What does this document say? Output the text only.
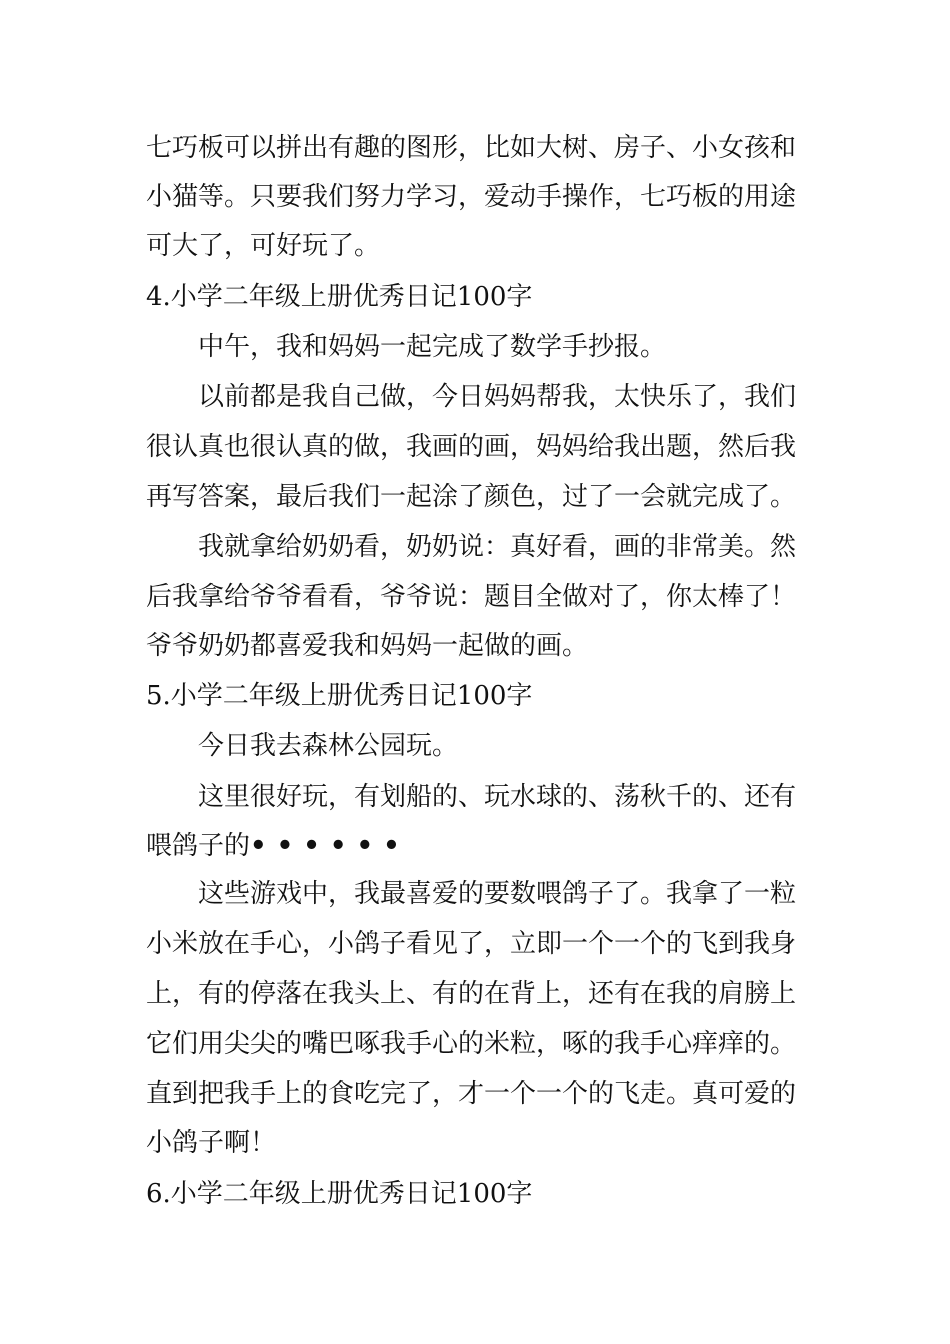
七巧板可以拼出有趣的图形，比如大树、房子、小女孩和
小猫等。只要我们努力学习，爱动手操作，七巧板的用途
可大了，可好玩了。
4.小学二年级上册优秀日记100字
中午，我和妈妈一起完成了数学手抄报。
以前都是我自己做，今日妈妈帮我，太快乐了，我们
很认真也很认真的做，我画的画，妈妈给我出题，然后我
再写答案，最后我们一起涂了颜色，过了一会就完成了。
我就拿给奶奶看，奶奶说：真好看，画的非常美。然
后我拿给爷爷看看，爷爷说：题目全做对了，你太棒了！
爷爷奶奶都喜爱我和妈妈一起做的画。
5.小学二年级上册优秀日记100字
今日我去森林公园玩。
这里很好玩，有划船的、玩水球的、荡秋千的、还有
喂鸽子的••••••
这些游戏中，我最喜爱的要数喂鸽子了。我拿了一粒
小米放在手心，小鸽子看见了，立即一个一个的飞到我身
上，有的停落在我头上、有的在背上，还有在我的肩膀上
它们用尖尖的嘴巴啄我手心的米粒，啄的我手心痒痒的。
直到把我手上的食吃完了，才一个一个的飞走。真可爱的
小鸽子啊！
6.小学二年级上册优秀日记100字
